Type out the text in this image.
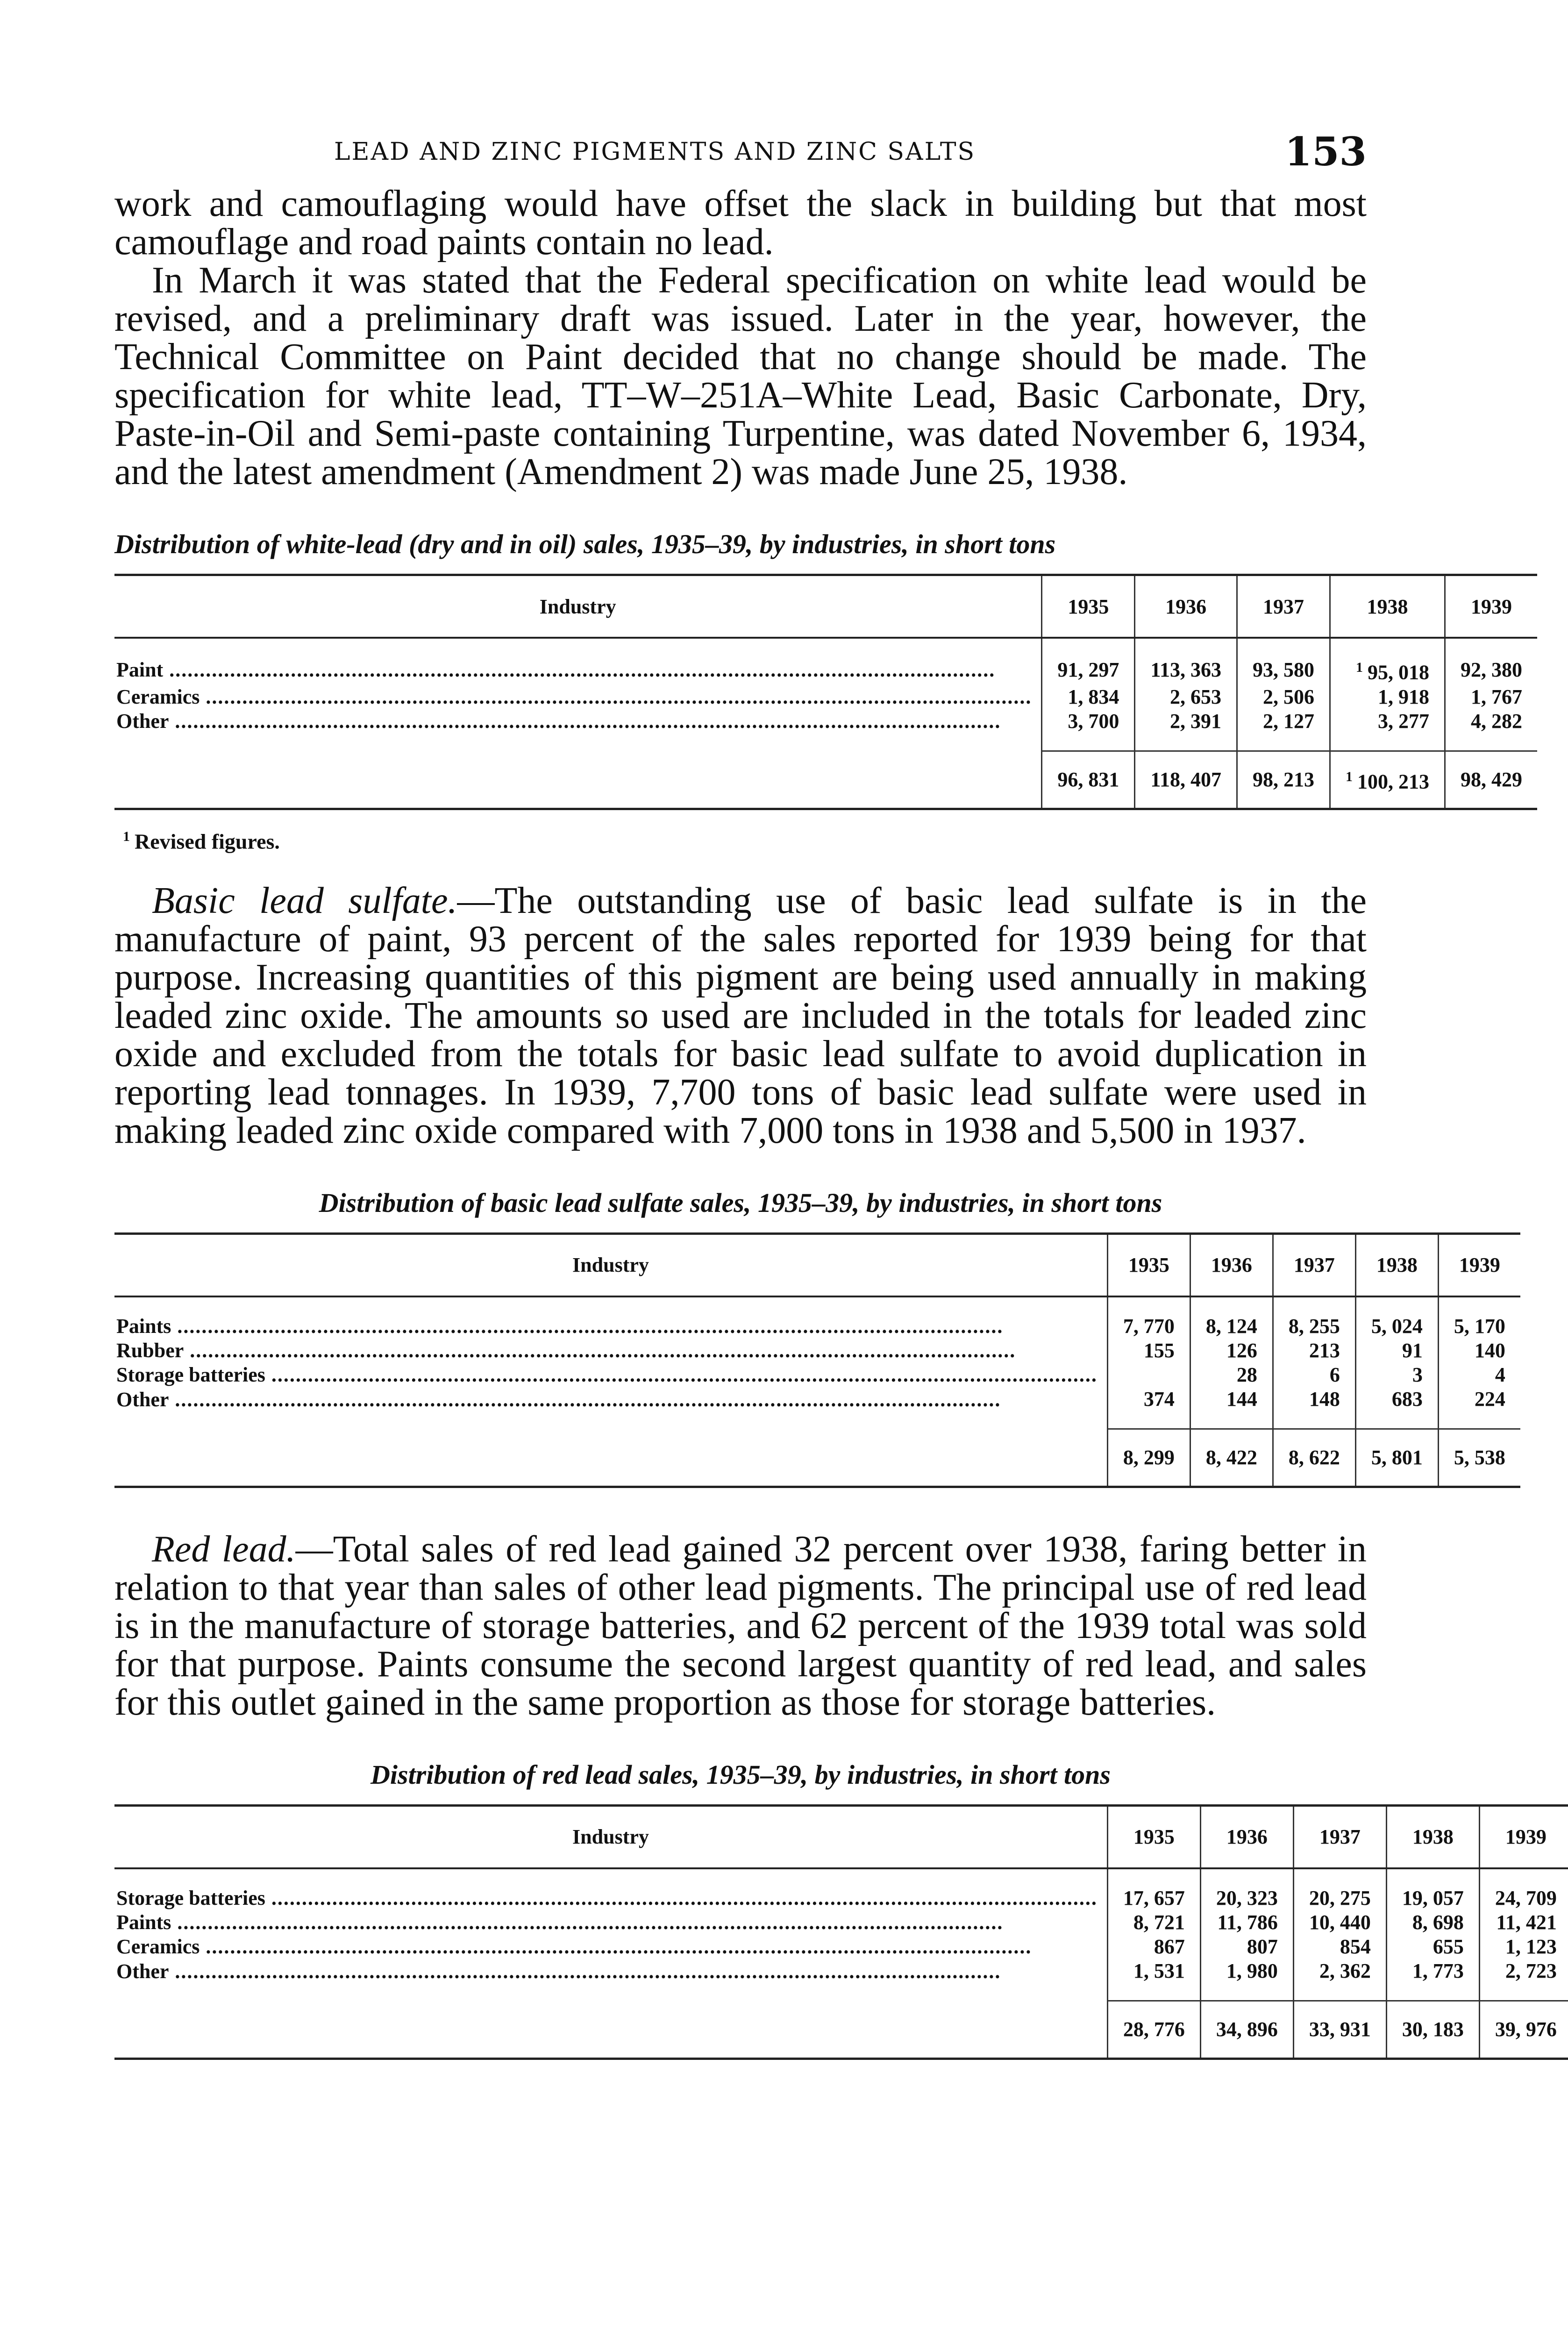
LEAD AND ZINC PIGMENTS AND ZINC SALTS	153

work and camouflaging would have offset the slack in building but that most camouflage and road paints contain no lead.

In March it was stated that the Federal specification on white lead would be revised, and a preliminary draft was issued. Later in the year, however, the Technical Committee on Paint decided that no change should be made. The specification for white lead, TT–W–251A–White Lead, Basic Carbonate, Dry, Paste-in-Oil and Semi-paste containing Turpentine, was dated November 6, 1934, and the latest amendment (Amendment 2) was made June 25, 1938.

Distribution of white-lead (dry and in oil) sales, 1935–39, by industries, in short tons
Industry	1935	1936	1937	1938	1939
Paint .....	91, 297	113, 363	93, 580	$^1$ 95, 018	92, 380
Ceramics .....	1, 834	2, 653	2, 506	1, 918	1, 767
Other .....	3, 700	2, 391	2, 127	3, 277	4, 282
	96, 831	118, 407	98, 213	$^1$ 100, 213	98, 429
$^1$ Revised figures.

Basic lead sulfate.—The outstanding use of basic lead sulfate is in the manufacture of paint, 93 percent of the sales reported for 1939 being for that purpose. Increasing quantities of this pigment are being used annually in making leaded zinc oxide. The amounts so used are included in the totals for leaded zinc oxide and excluded from the totals for basic lead sulfate to avoid duplication in reporting lead tonnages. In 1939, 7,700 tons of basic lead sulfate were used in making leaded zinc oxide compared with 7,000 tons in 1938 and 5,500 in 1937.

Distribution of basic lead sulfate sales, 1935–39, by industries, in short tons
Industry	1935	1936	1937	1938	1939
Paints .....	7, 770	8, 124	8, 255	5, 024	5, 170
Rubber .....	155	126	213	91	140
Storage batteries .....		28	6	3	4
Other .....	374	144	148	683	224
	8, 299	8, 422	8, 622	5, 801	5, 538

Red lead.—Total sales of red lead gained 32 percent over 1938, faring better in relation to that year than sales of other lead pigments. The principal use of red lead is in the manufacture of storage batteries, and 62 percent of the 1939 total was sold for that purpose. Paints consume the second largest quantity of red lead, and sales for this outlet gained in the same proportion as those for storage batteries.

Distribution of red lead sales, 1935–39, by industries, in short tons
Industry	1935	1936	1937	1938	1939
Storage batteries .....	17, 657	20, 323	20, 275	19, 057	24, 709
Paints .....	8, 721	11, 786	10, 440	8, 698	11, 421
Ceramics .....	867	807	854	655	1, 123
Other .....	1, 531	1, 980	2, 362	1, 773	2, 723
	28, 776	34, 896	33, 931	30, 183	39, 976
